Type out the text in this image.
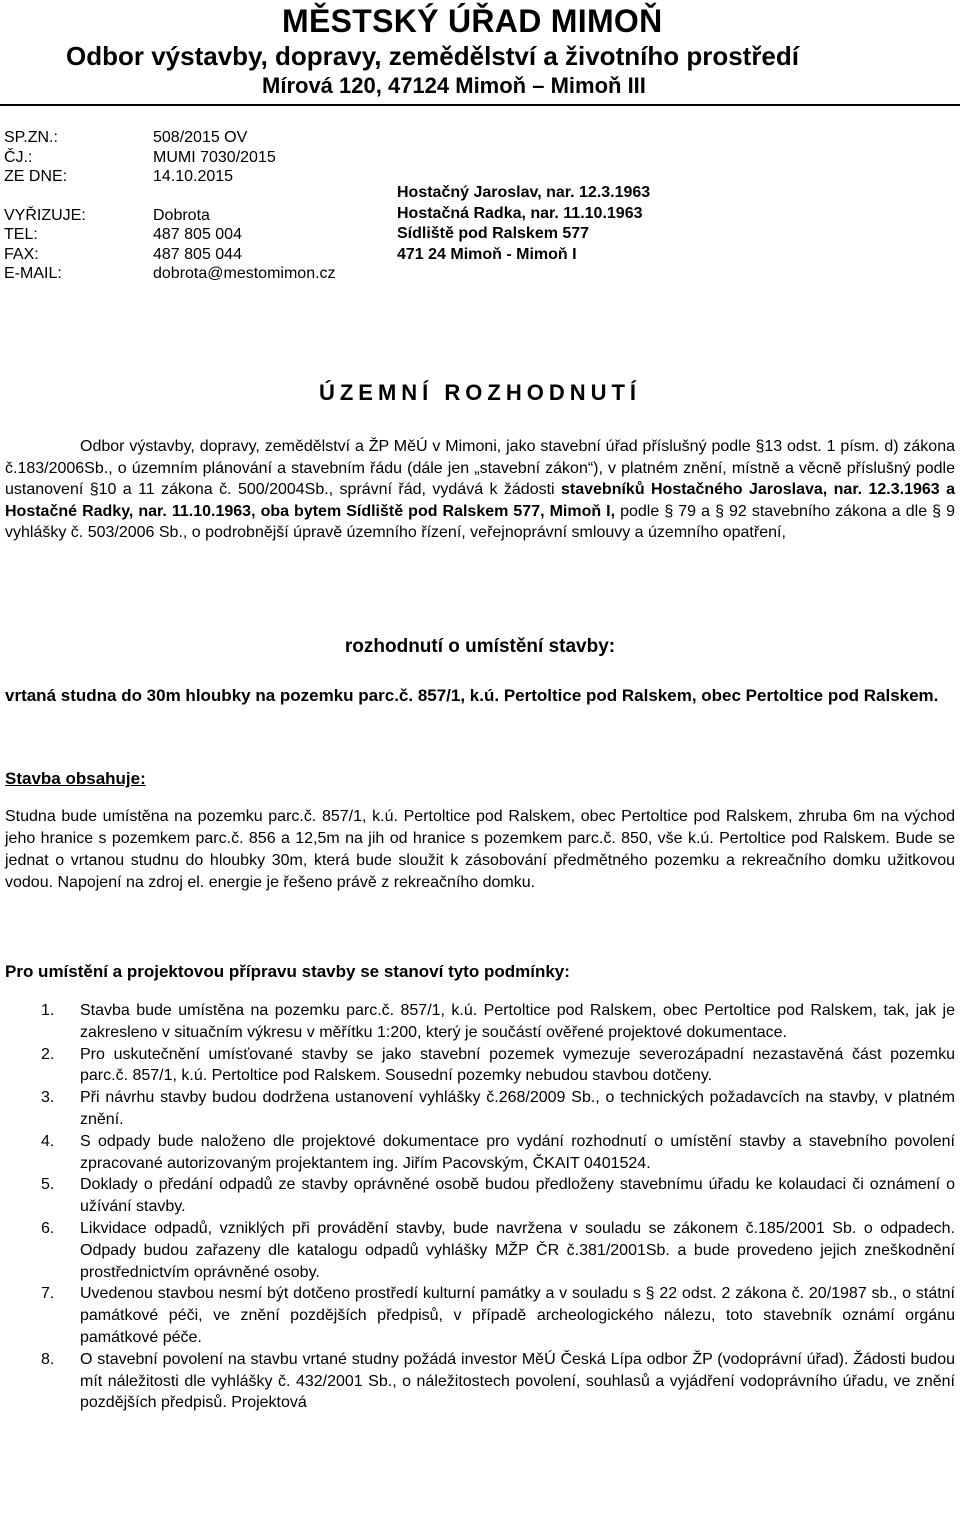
MĚSTSKÝ ÚŘAD MIMOŇ
Odbor výstavby, dopravy, zemědělství a životního prostředí
Mírová 120, 47124 Mimoň – Mimoň III
SP.ZN.:	508/2015 OV
ČJ.:	MUMI 7030/2015
ZE DNE:	14.10.2015
VYŘIZUJE:	Dobrota
TEL:	487 805 004
FAX:	487 805 044
E-MAIL:	dobrota@mestomimon.cz
Hostačný Jaroslav, nar. 12.3.1963
Hostačná Radka, nar. 11.10.1963
Sídliště pod Ralskem 577
471 24 Mimoň - Mimoň I
ÚZEMNÍ ROZHODNUTÍ

Odbor výstavby, dopravy, zemědělství a ŽP MěÚ v Mimoni, jako stavební úřad příslušný podle §13 odst. 1 písm. d) zákona č.183/2006Sb., o územním plánování a stavebním řádu (dále jen „stavební zákon“), v platném znění, místně a věcně příslušný podle ustanovení §10 a 11 zákona č. 500/2004Sb., správní řád, vydává k žádosti stavebníků Hostačného Jaroslava, nar. 12.3.1963 a Hostačné Radky, nar. 11.10.1963, oba bytem Sídliště pod Ralskem 577, Mimoň I, podle § 79 a § 92 stavebního zákona a dle § 9 vyhlášky č. 503/2006 Sb., o podrobnější úpravě územního řízení, veřejnoprávní smlouvy a územního opatření,

rozhodnutí o umístění stavby:
vrtaná studna do 30m hloubky na pozemku parc.č. 857/1, k.ú. Pertoltice pod Ralskem, obec Pertoltice pod Ralskem.
Stavba obsahuje:
Studna bude umístěna na pozemku parc.č. 857/1, k.ú. Pertoltice pod Ralskem, obec Pertoltice pod Ralskem, zhruba 6m na východ jeho hranice s pozemkem parc.č. 856 a 12,5m na jih od hranice s pozemkem parc.č. 850, vše k.ú. Pertoltice pod Ralskem. Bude se jednat o vrtanou studnu do hloubky 30m, která bude sloužit k zásobování předmětného pozemku a rekreačního domku užitkovou vodou. Napojení na zdroj el. energie je řešeno právě z rekreačního domku.
Pro umístění a projektovou přípravu stavby se stanoví tyto podmínky:
1.	Stavba bude umístěna na pozemku parc.č. 857/1, k.ú. Pertoltice pod Ralskem, obec Pertoltice pod Ralskem, tak, jak je zakresleno v situačním výkresu v měřítku 1:200, který je součástí ověřené projektové dokumentace.
2.	Pro uskutečnění umísťované stavby se jako stavební pozemek vymezuje severozápadní nezastavěná část pozemku parc.č. 857/1, k.ú. Pertoltice pod Ralskem. Sousední pozemky nebudou stavbou dotčeny.
3.	Při návrhu stavby budou dodržena ustanovení vyhlášky č.268/2009 Sb., o technických požadavcích na stavby, v platném znění.
4.	S odpady bude naloženo dle projektové dokumentace pro vydání rozhodnutí o umístění stavby a stavebního povolení zpracované autorizovaným projektantem ing. Jiřím Pacovským, ČKAIT 0401524.
5.	Doklady o předání odpadů ze stavby oprávněné osobě budou předloženy stavebnímu úřadu ke kolaudaci či oznámení o užívání stavby.
6.	Likvidace odpadů, vzniklých při provádění stavby, bude navržena v souladu se zákonem č.185/2001 Sb. o odpadech. Odpady budou zařazeny dle katalogu odpadů vyhlášky MŽP ČR č.381/2001Sb. a bude provedeno jejich zneškodnění prostřednictvím oprávněné osoby.
7.	Uvedenou stavbou nesmí být dotčeno prostředí kulturní památky a v souladu s § 22 odst. 2 zákona č. 20/1987 sb., o státní památkové péči, ve znění pozdějších předpisů, v případě archeologického nálezu, toto stavebník oznámí orgánu památkové péče.
8.	O stavební povolení na stavbu vrtané studny požádá investor MěÚ Česká Lípa odbor ŽP (vodoprávní úřad). Žádosti budou mít náležitosti dle vyhlášky č. 432/2001 Sb., o náležitostech povolení, souhlasů a vyjádření vodoprávního úřadu, ve znění pozdějších předpisů. Projektová
